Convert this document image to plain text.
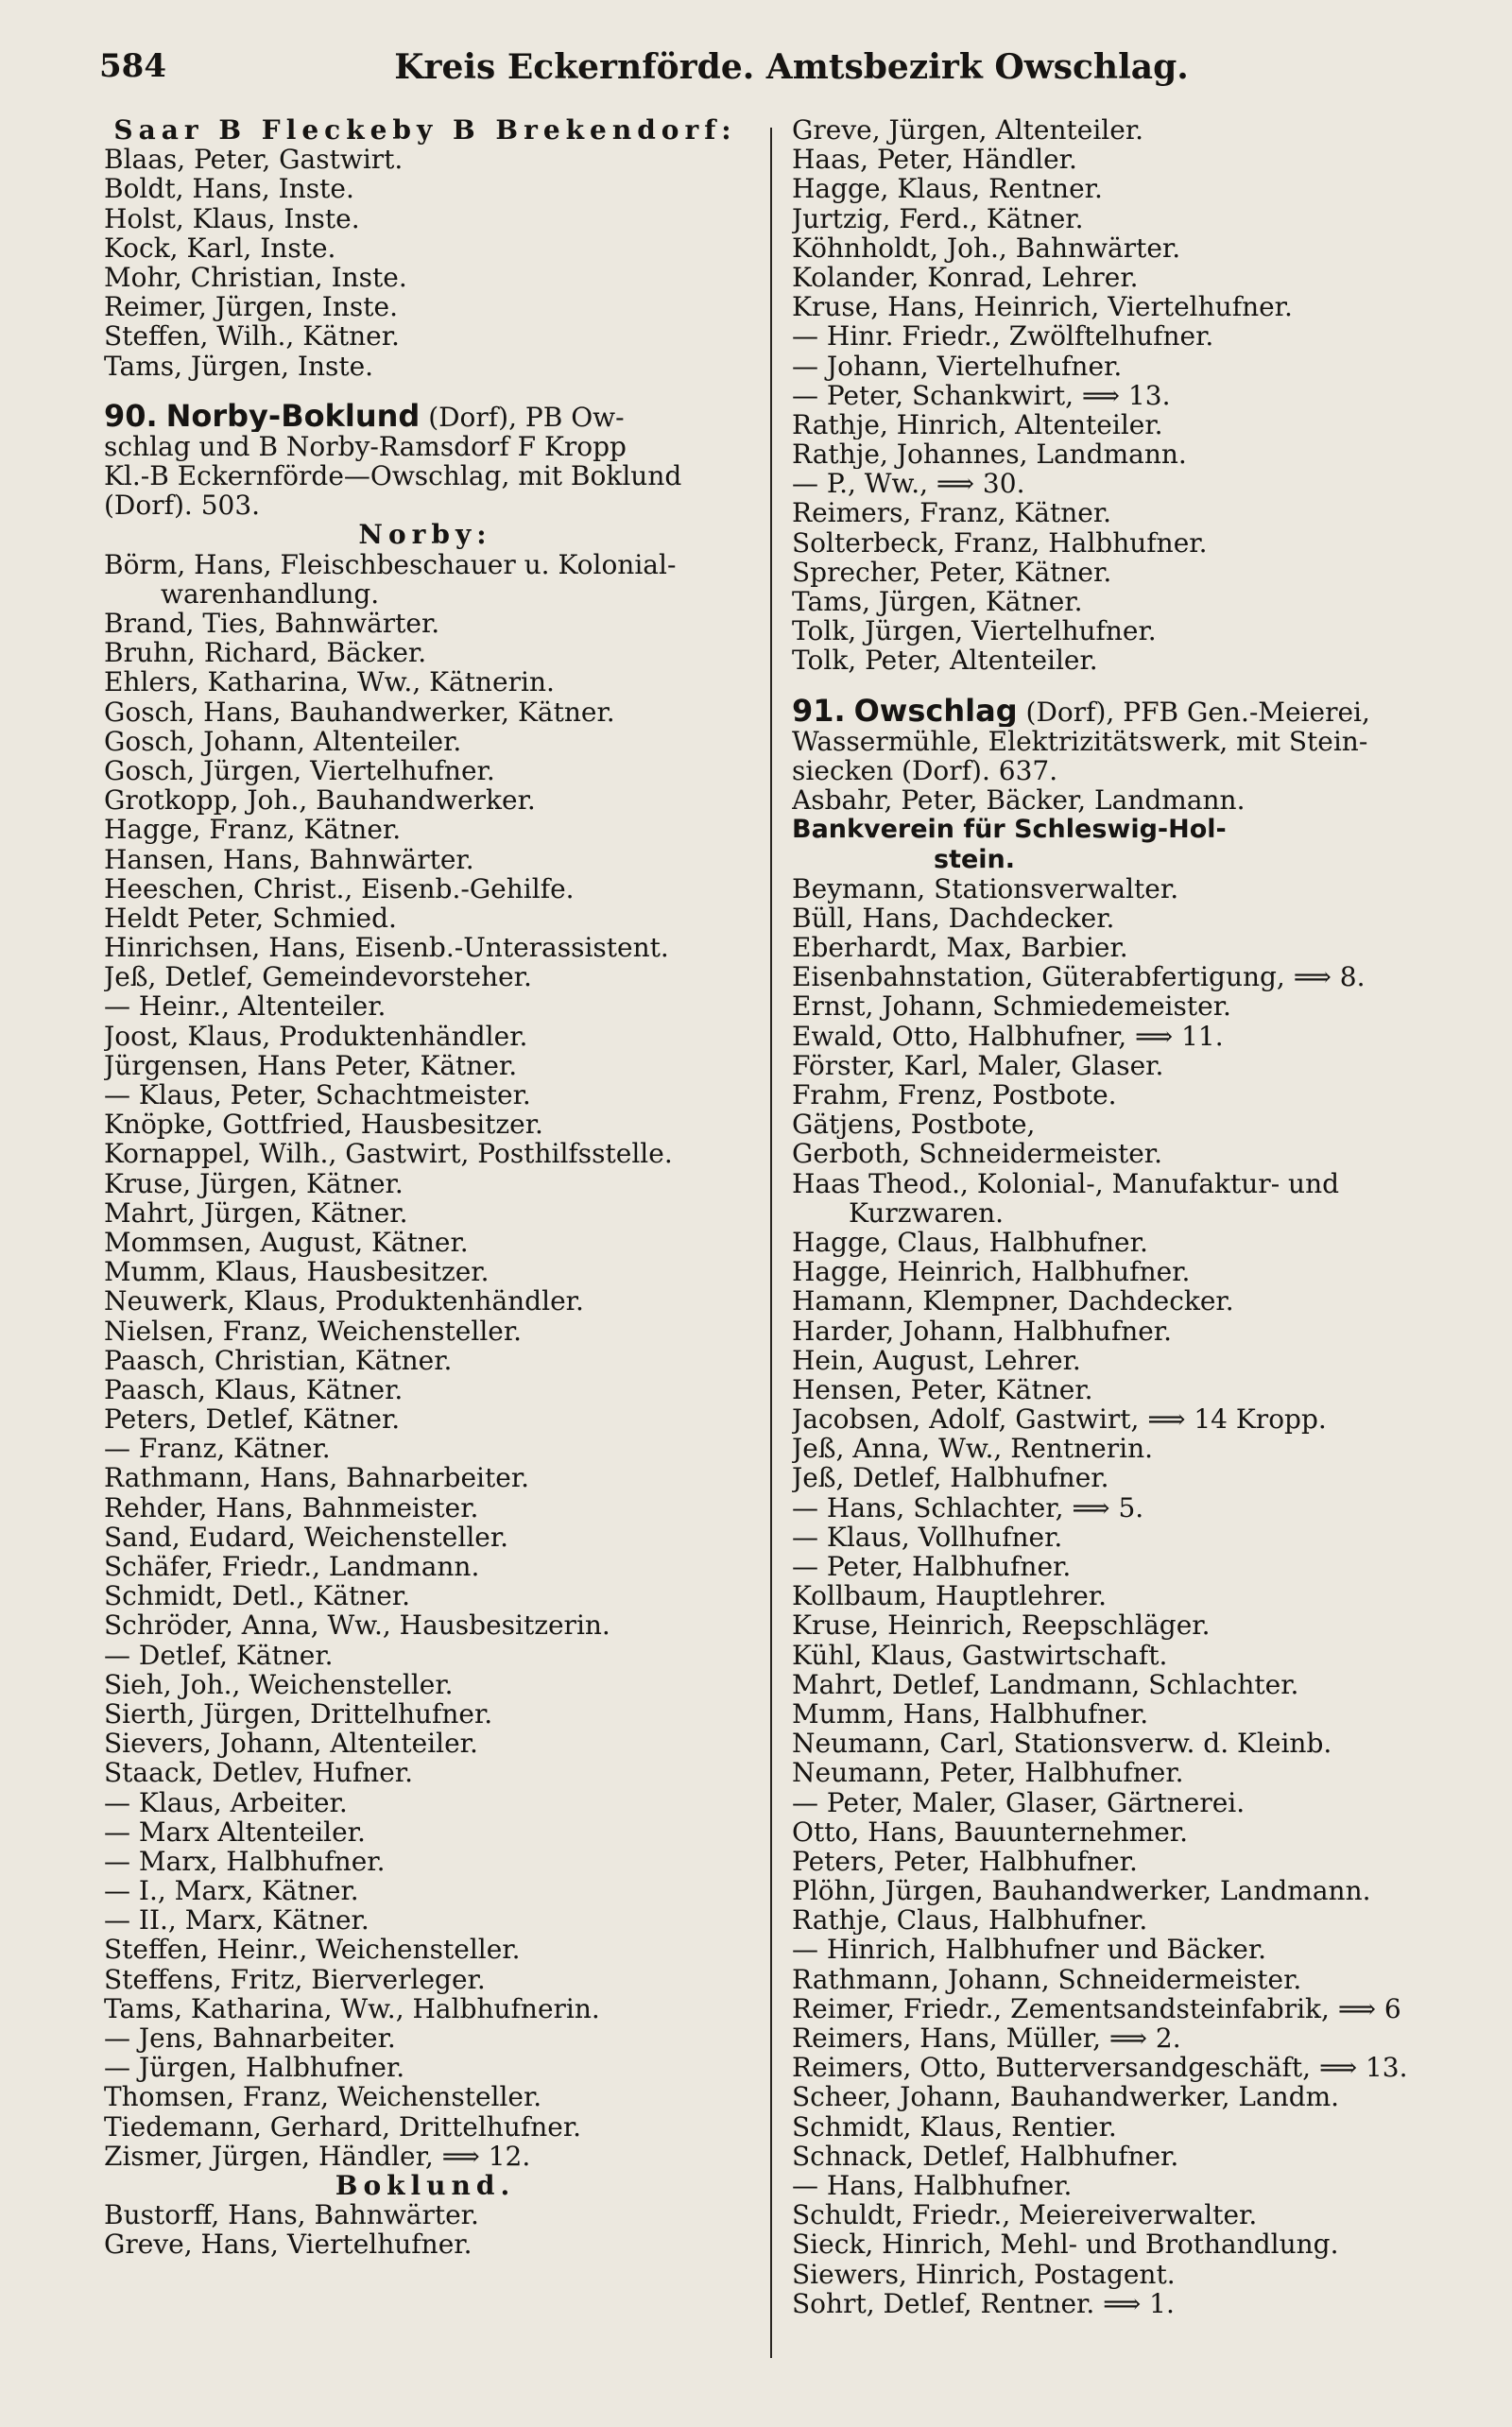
584	Kreis Eckernförde. Amtsbezirk Owschlag.
Saar B Fleckeby B Brekendorf:
Blaas, Peter, Gastwirt.
Boldt, Hans, Inste.
Holst, Klaus, Inste.
Kock, Karl, Inste.
Mohr, Christian, Inste.
Reimer, Jürgen, Inste.
Steffen, Wilh., Kätner.
Tams, Jürgen, Inste.
90. Norby-Boklund (Dorf), PB Ow-
schlag und B Norby-Ramsdorf F Kropp
Kl.-B Eckernförde—Owschlag, mit Boklund
(Dorf). 503.
Norby:
Börm, Hans, Fleischbeschauer u. Kolonial-
warenhandlung.
Brand, Ties, Bahnwärter.
Bruhn, Richard, Bäcker.
Ehlers, Katharina, Ww., Kätnerin.
Gosch, Hans, Bauhandwerker, Kätner.
Gosch, Johann, Altenteiler.
Gosch, Jürgen, Viertelhufner.
Grotkopp, Joh., Bauhandwerker.
Hagge, Franz, Kätner.
Hansen, Hans, Bahnwärter.
Heeschen, Christ., Eisenb.-Gehilfe.
Heldt Peter, Schmied.
Hinrichsen, Hans, Eisenb.-Unterassistent.
Jeß, Detlef, Gemeindevorsteher.
— Heinr., Altenteiler.
Joost, Klaus, Produktenhändler.
Jürgensen, Hans Peter, Kätner.
— Klaus, Peter, Schachtmeister.
Knöpke, Gottfried, Hausbesitzer.
Kornappel, Wilh., Gastwirt, Posthilfsstelle.
Kruse, Jürgen, Kätner.
Mahrt, Jürgen, Kätner.
Mommsen, August, Kätner.
Mumm, Klaus, Hausbesitzer.
Neuwerk, Klaus, Produktenhändler.
Nielsen, Franz, Weichensteller.
Paasch, Christian, Kätner.
Paasch, Klaus, Kätner.
Peters, Detlef, Kätner.
— Franz, Kätner.
Rathmann, Hans, Bahnarbeiter.
Rehder, Hans, Bahnmeister.
Sand, Eudard, Weichensteller.
Schäfer, Friedr., Landmann.
Schmidt, Detl., Kätner.
Schröder, Anna, Ww., Hausbesitzerin.
— Detlef, Kätner.
Sieh, Joh., Weichensteller.
Sierth, Jürgen, Drittelhufner.
Sievers, Johann, Altenteiler.
Staack, Detlev, Hufner.
— Klaus, Arbeiter.
— Marx Altenteiler.
— Marx, Halbhufner.
— I., Marx, Kätner.
— II., Marx, Kätner.
Steffen, Heinr., Weichensteller.
Steffens, Fritz, Bierverleger.
Tams, Katharina, Ww., Halbhufnerin.
— Jens, Bahnarbeiter.
— Jürgen, Halbhufner.
Thomsen, Franz, Weichensteller.
Tiedemann, Gerhard, Drittelhufner.
Zismer, Jürgen, Händler, ⟹ 12.
Boklund.
Bustorff, Hans, Bahnwärter.
Greve, Hans, Viertelhufner.
Greve, Jürgen, Altenteiler.
Haas, Peter, Händler.
Hagge, Klaus, Rentner.
Jurtzig, Ferd., Kätner.
Köhnholdt, Joh., Bahnwärter.
Kolander, Konrad, Lehrer.
Kruse, Hans, Heinrich, Viertelhufner.
— Hinr. Friedr., Zwölftelhufner.
— Johann, Viertelhufner.
— Peter, Schankwirt, ⟹ 13.
Rathje, Hinrich, Altenteiler.
Rathje, Johannes, Landmann.
— P., Ww., ⟹ 30.
Reimers, Franz, Kätner.
Solterbeck, Franz, Halbhufner.
Sprecher, Peter, Kätner.
Tams, Jürgen, Kätner.
Tolk, Jürgen, Viertelhufner.
Tolk, Peter, Altenteiler.
91. Owschlag (Dorf), PFB Gen.-Meierei,
Wassermühle, Elektrizitätswerk, mit Stein-
siecken (Dorf). 637.
Asbahr, Peter, Bäcker, Landmann.
Bankverein für Schleswig-Hol-
stein.
Beymann, Stationsverwalter.
Büll, Hans, Dachdecker.
Eberhardt, Max, Barbier.
Eisenbahnstation, Güterabfertigung, ⟹ 8.
Ernst, Johann, Schmiedemeister.
Ewald, Otto, Halbhufner, ⟹ 11.
Förster, Karl, Maler, Glaser.
Frahm, Frenz, Postbote.
Gätjens, Postbote,
Gerboth, Schneidermeister.
Haas Theod., Kolonial-, Manufaktur- und
Kurzwaren.
Hagge, Claus, Halbhufner.
Hagge, Heinrich, Halbhufner.
Hamann, Klempner, Dachdecker.
Harder, Johann, Halbhufner.
Hein, August, Lehrer.
Hensen, Peter, Kätner.
Jacobsen, Adolf, Gastwirt, ⟹ 14 Kropp.
Jeß, Anna, Ww., Rentnerin.
Jeß, Detlef, Halbhufner.
— Hans, Schlachter, ⟹ 5.
— Klaus, Vollhufner.
— Peter, Halbhufner.
Kollbaum, Hauptlehrer.
Kruse, Heinrich, Reepschläger.
Kühl, Klaus, Gastwirtschaft.
Mahrt, Detlef, Landmann, Schlachter.
Mumm, Hans, Halbhufner.
Neumann, Carl, Stationsverw. d. Kleinb.
Neumann, Peter, Halbhufner.
— Peter, Maler, Glaser, Gärtnerei.
Otto, Hans, Bauunternehmer.
Peters, Peter, Halbhufner.
Plöhn, Jürgen, Bauhandwerker, Landmann.
Rathje, Claus, Halbhufner.
— Hinrich, Halbhufner und Bäcker.
Rathmann, Johann, Schneidermeister.
Reimer, Friedr., Zementsandsteinfabrik, ⟹ 6
Reimers, Hans, Müller, ⟹ 2.
Reimers, Otto, Butterversandgeschäft, ⟹ 13.
Scheer, Johann, Bauhandwerker, Landm.
Schmidt, Klaus, Rentier.
Schnack, Detlef, Halbhufner.
— Hans, Halbhufner.
Schuldt, Friedr., Meiereiverwalter.
Sieck, Hinrich, Mehl- und Brothandlung.
Siewers, Hinrich, Postagent.
Sohrt, Detlef, Rentner. ⟹ 1.
